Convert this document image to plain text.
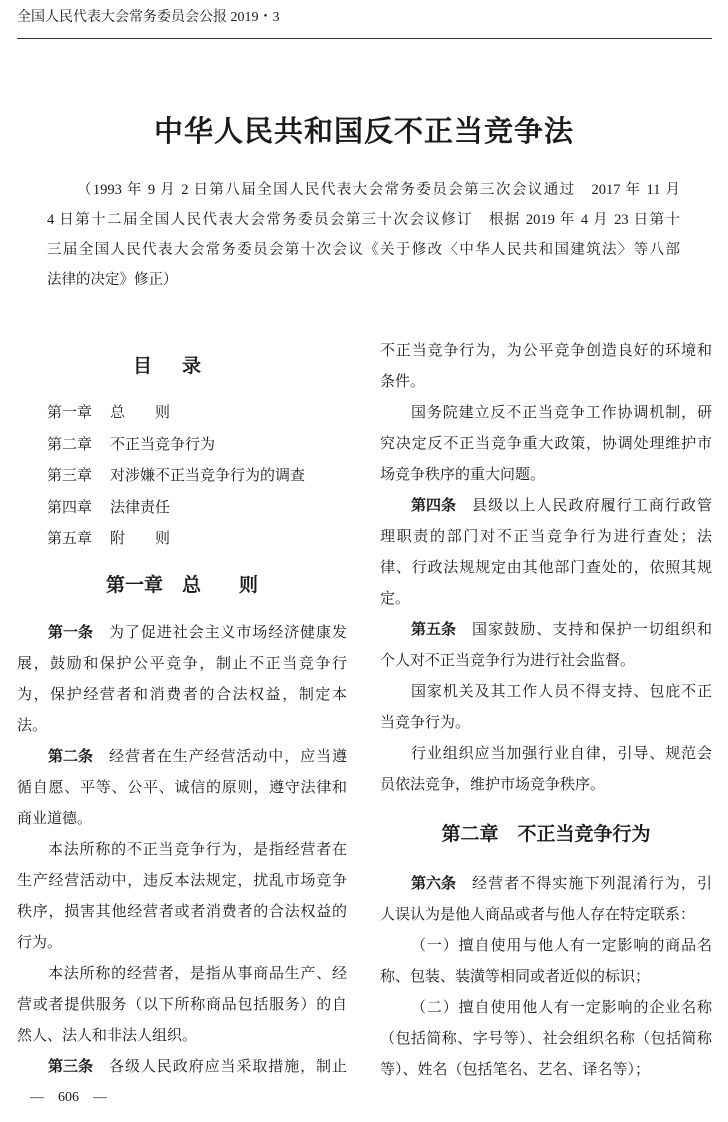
全国人民代表大会常务委员会公报 2019・3
中华人民共和国反不正当竞争法
（1993 年 9 月 2 日第八届全国人民代表大会常务委员会第三次会议通过　2017 年 11 月
4 日第十二届全国人民代表大会常务委员会第三十次会议修订　根据 2019 年 4 月 23 日第十
三届全国人民代表大会常务委员会第十次会议《关于修改〈中华人民共和国建筑法〉等八部
法律的决定》修正）
目录
第一章	总　　则
第二章	不正当竞争行为
第三章	对涉嫌不正当竞争行为的调查
第四章	法律责任
第五章	附　　则
第一章　总　　则
第一条 为了促进社会主义市场经济健康发
展，鼓励和保护公平竞争，制止不正当竞争行
为，保护经营者和消费者的合法权益，制定本
法。
第二条 经营者在生产经营活动中，应当遵
循自愿、平等、公平、诚信的原则，遵守法律和
商业道德。
本法所称的不正当竞争行为，是指经营者在
生产经营活动中，违反本法规定，扰乱市场竞争
秩序，损害其他经营者或者消费者的合法权益的
行为。
本法所称的经营者，是指从事商品生产、经
营或者提供服务（以下所称商品包括服务）的自
然人、法人和非法人组织。
第三条 各级人民政府应当采取措施，制止
不正当竞争行为，为公平竞争创造良好的环境和
条件。
国务院建立反不正当竞争工作协调机制，研
究决定反不正当竞争重大政策，协调处理维护市
场竞争秩序的重大问题。
第四条 县级以上人民政府履行工商行政管
理职责的部门对不正当竞争行为进行查处；法
律、行政法规规定由其他部门查处的，依照其规
定。
第五条 国家鼓励、支持和保护一切组织和
个人对不正当竞争行为进行社会监督。
国家机关及其工作人员不得支持、包庇不正
当竞争行为。
行业组织应当加强行业自律，引导、规范会
员依法竞争，维护市场竞争秩序。
第二章　不正当竞争行为
第六条 经营者不得实施下列混淆行为，引
人误认为是他人商品或者与他人存在特定联系：
（一）擅自使用与他人有一定影响的商品名
称、包装、装潢等相同或者近似的标识；
（二）擅自使用他人有一定影响的企业名称
（包括简称、字号等）、社会组织名称（包括简称
等）、姓名（包括笔名、艺名、译名等）；
—　606　—
